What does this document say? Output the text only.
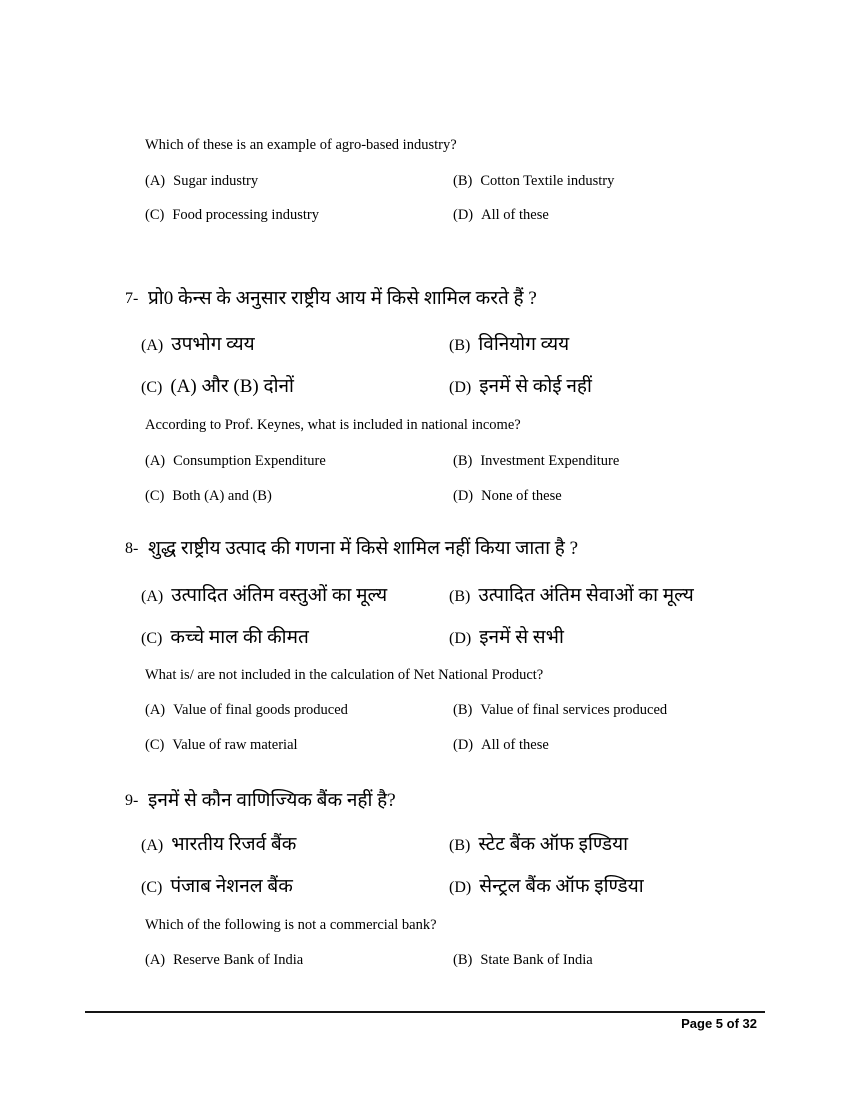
Which of these is an example of agro-based industry?
(A) Sugar industry	(B) Cotton Textile industry
(C) Food processing industry	(D) All of these
7- प्रो0 केन्स के अनुसार राष्ट्रीय आय में किसे शामिल करते हैं ?
(A) उपभोग व्यय	(B) विनियोग व्यय
(C) (A) और (B) दोनों	(D) इनमें से कोई नहीं
According to Prof. Keynes, what is included in national income?
(A) Consumption Expenditure	(B) Investment Expenditure
(C) Both (A) and (B)	(D) None of these
8- शुद्ध राष्ट्रीय उत्पाद की गणना में किसे शामिल नहीं किया जाता है ?
(A) उत्पादित अंतिम वस्तुओं का मूल्य	(B) उत्पादित अंतिम सेवाओं का मूल्य
(C) कच्चे माल की कीमत	(D) इनमें से सभी
What is/ are not included in the calculation of Net National Product?
(A) Value of final goods produced	(B) Value of final services produced
(C) Value of raw material	(D) All of these
9- इनमें से कौन वाणिज्यिक बैंक नहीं है?
(A) भारतीय रिजर्व बैंक	(B) स्टेट बैंक ऑफ इण्डिया
(C) पंजाब नेशनल बैंक	(D) सेन्ट्रल बैंक ऑफ इण्डिया
Which of the following is not a commercial bank?
(A) Reserve Bank of India	(B) State Bank of India
Page 5 of 32
